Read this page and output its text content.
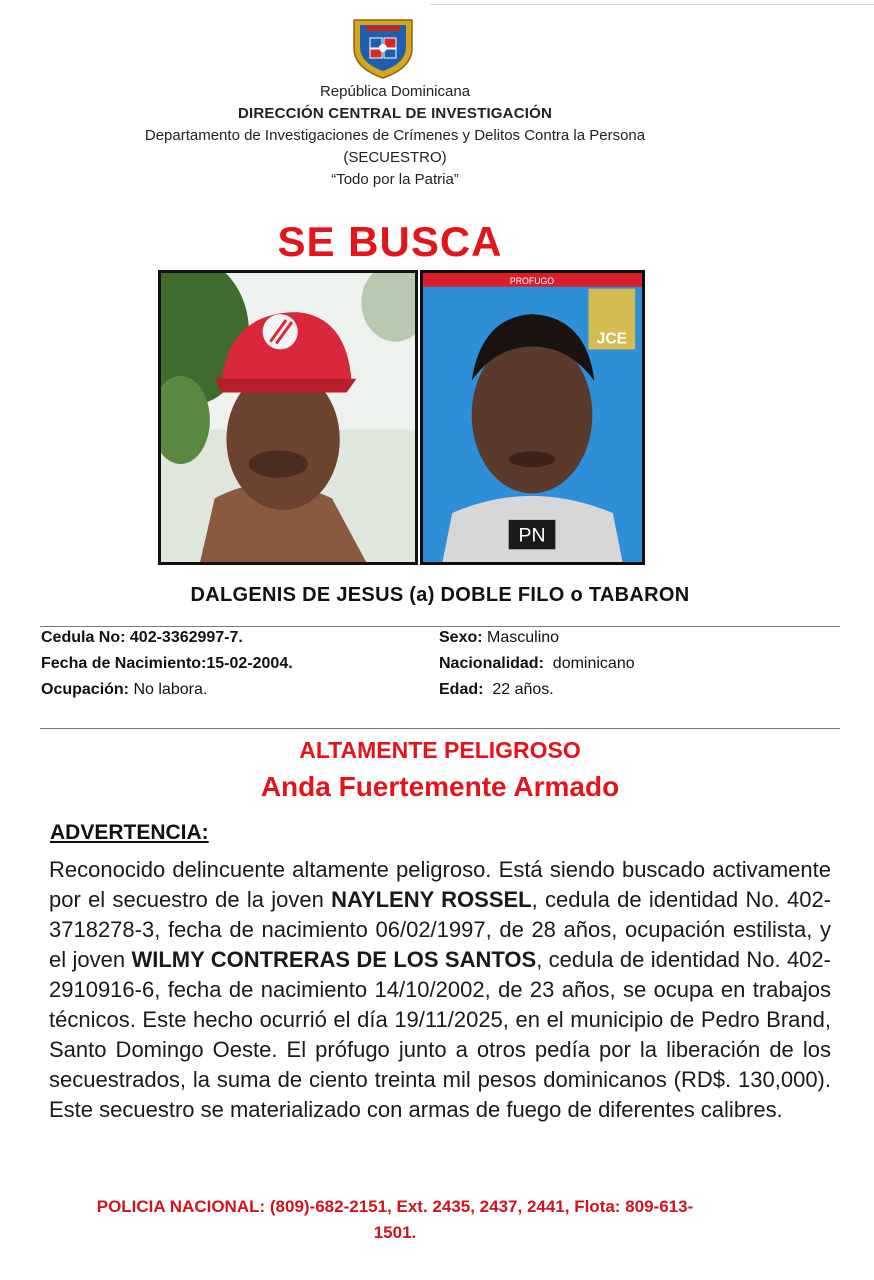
República Dominicana
DIRECCIÓN CENTRAL DE INVESTIGACIÓN
Departamento de Investigaciones de Crímenes y Delitos Contra la Persona
(SECUESTRO)
“Todo por la Patria”
SE BUSCA
PROFUGO
JCE
PN
DALGENIS DE JESUS (a) DOBLE FILO o TABARON
Cedula No: 402-3362997-7.
Fecha de Nacimiento:15-02-2004.
Ocupación: No labora.
Sexo: Masculino
Nacionalidad: dominicano
Edad: 22 años.
ALTAMENTE PELIGROSO
Anda Fuertemente Armado
ADVERTENCIA:
Reconocido delincuente altamente peligroso. Está siendo buscado activamente por el secuestro de la joven NAYLENY ROSSEL, cedula de identidad No. 402-3718278-3, fecha de nacimiento 06/02/1997, de 28 años, ocupación estilista, y el joven WILMY CONTRERAS DE LOS SANTOS, cedula de identidad No. 402-2910916-6, fecha de nacimiento 14/10/2002, de 23 años, se ocupa en trabajos técnicos. Este hecho ocurrió el día 19/11/2025, en el municipio de Pedro Brand, Santo Domingo Oeste. El prófugo junto a otros pedía por la liberación de los secuestrados, la suma de ciento treinta mil pesos dominicanos (RD$. 130,000). Este secuestro se materializado con armas de fuego de diferentes calibres.
POLICIA NACIONAL: (809)-682-2151, Ext. 2435, 2437, 2441, Flota: 809-613-
1501.
